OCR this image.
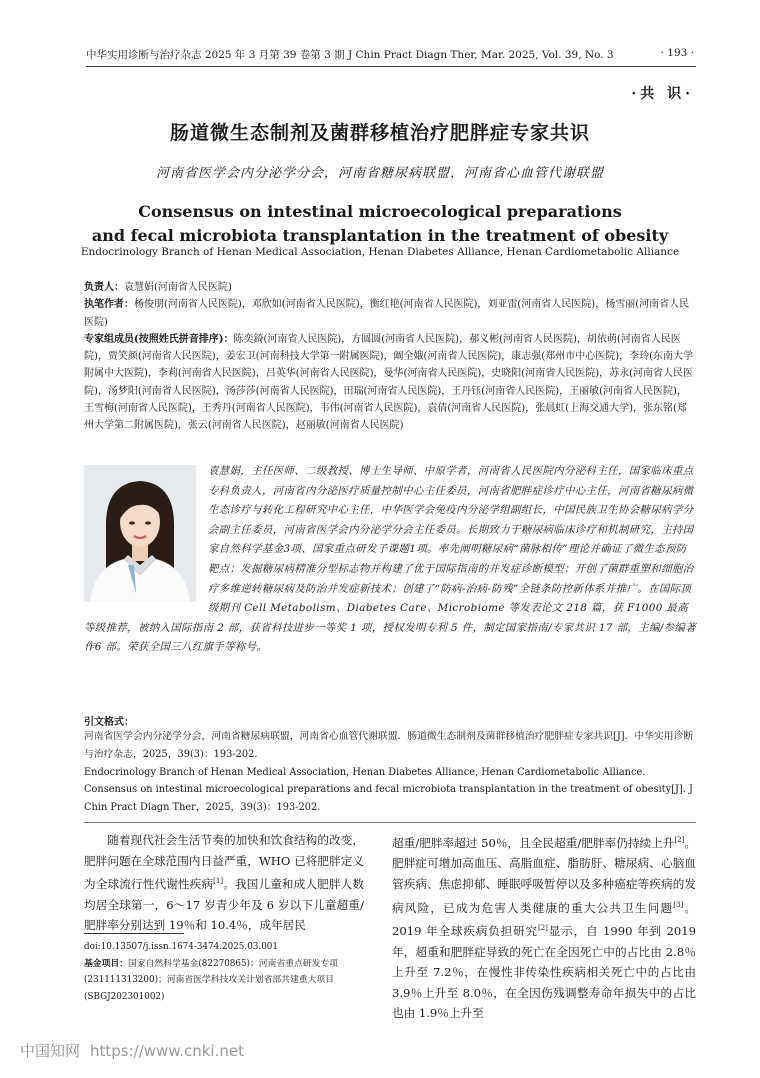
中华实用诊断与治疗杂志 2025 年 3 月第 39 卷第 3 期 J Chin Pract Diagn Ther, Mar. 2025, Vol. 39, No. 3	· 193 ·
·共 识·
肠道微生态制剂及菌群移植治疗肥胖症专家共识
河南省医学会内分泌学分会，河南省糖尿病联盟，河南省心血管代谢联盟
Consensus on intestinal microecological preparations
and fecal microbiota transplantation in the treatment of obesity
Endocrinology Branch of Henan Medical Association, Henan Diabetes Alliance, Henan Cardiometabolic Alliance
负责人：袁慧娟(河南省人民医院)
执笔作者：杨俊朋(河南省人民医院)，邓欣如(河南省人民医院)，衡红艳(河南省人民医院)，刘亚雷(河南省人民医院)，杨雪丽(河南省人民医院)
专家组成员(按照姓氏拼音排序)：陈奕錡(河南省人民医院)，方圆圆(河南省人民医院)，郝义彬(河南省人民医院)，胡依萌(河南省人民医院)，贾笑颜(河南省人民医院)，姜宏卫(河南科技大学第一附属医院)，阚全娥(河南省人民医院)，康志强(郑州市中心医院)，李玲(东南大学附属中大医院)，李莉(河南省人民医院)，吕英华(河南省人民医院)，曼华(河南省人民医院)，史晓阳(河南省人民医院)，苏永(河南省人民医院)，汤梦阳(河南省人民医院)，汤莎莎(河南省人民医院)，田瑞(河南省人民医院)，王丹钰(河南省人民医院)，王丽敏(河南省人民医院)，王雪梅(河南省人民医院)，王秀丹(河南省人民医院)，韦伟(河南省人民医院)，袁倩(河南省人民医院)，张晨虹(上海交通大学)，张东铭(郑州大学第二附属医院)，张云(河南省人民医院)，赵丽敏(河南省人民医院)
袁慧娟，主任医师、二级教授、博士生导师、中原学者，河南省人民医院内分泌科主任，国家临床重点专科负责人，河南省内分泌医疗质量控制中心主任委员，河南省肥胖症诊疗中心主任，河南省糖尿病微生态诊疗与转化工程研究中心主任，中华医学会免疫内分泌学组副组长，中国民族卫生协会糖尿病学分会副主任委员，河南省医学会内分泌学分会主任委员。长期致力于糖尿病临床诊疗和机制研究，主持国家自然科学基金3项、国家重点研发子课题1项。率先阐明糖尿病“菌脉相传”理论并确证了微生态预防靶点；发掘糖尿病精准分型标志物并构建了优于国际指南的并发症诊断模型；开创了菌群重塑和细胞治疗多维逆转糖尿病及防治并发症新技术；创建了“防病-治病-防残”全链条防控新体系并推广。在国际顶级期刊 Cell Metabolism、Diabetes Care、Microbiome 等发表论文 218 篇，获 F1000 最高等级推荐，被纳入国际指南 2 部，获省科技进步一等奖 1 项，授权发明专利 5 件，制定国家指南/专家共识 17 部，主编/参编著作6 部。荣获全国三八红旗手等称号。
引文格式：
河南省医学会内分泌学分会，河南省糖尿病联盟，河南省心血管代谢联盟．肠道微生态制剂及菌群移植治疗肥胖症专家共识[J]．中华实用诊断与治疗杂志，2025，39(3)：193-202．
Endocrinology Branch of Henan Medical Association, Henan Diabetes Alliance, Henan Cardiometabolic Alliance. Consensus on intestinal microecological preparations and fecal microbiota transplantation in the treatment of obesity[J]. J Chin Pract Diagn Ther，2025，39(3)：193-202.
随着现代社会生活节奏的加快和饮食结构的改变，肥胖问题在全球范围内日益严重，WHO 已将肥胖定义为全球流行性代谢性疾病[1]。我国儿童和成人肥胖人数均居全球第一，6～17 岁青少年及 6 岁以下儿童超重/肥胖率分别达到 19％和 10.4％，成年居民
超重/肥胖率超过 50％，且全民超重/肥胖率仍持续上升[2]。肥胖症可增加高血压、高脂血症、脂肪肝、糖尿病、心脑血管疾病、焦虑抑郁、睡眠呼吸暂停以及多种癌症等疾病的发病风险，已成为危害人类健康的重大公共卫生问题[3]。2019 年全球疾病负担研究[2]显示，自 1990 年到 2019 年，超重和肥胖症导致的死亡在全因死亡中的占比由 2.8％上升至 7.2％，在慢性非传染性疾病相关死亡中的占比由 3.9％上升至 8.0％，在全因伤残调整寿命年损失中的占比也由 1.9％上升至
doi:10.13507/j.issn.1674-3474.2025.03.001
基金项目：国家自然科学基金(82270865)；河南省重点研发专项(231111313200)；河南省医学科技攻关计划省部共建重大项目(SBGJ202301002)
中国知网 https://www.cnki.net
